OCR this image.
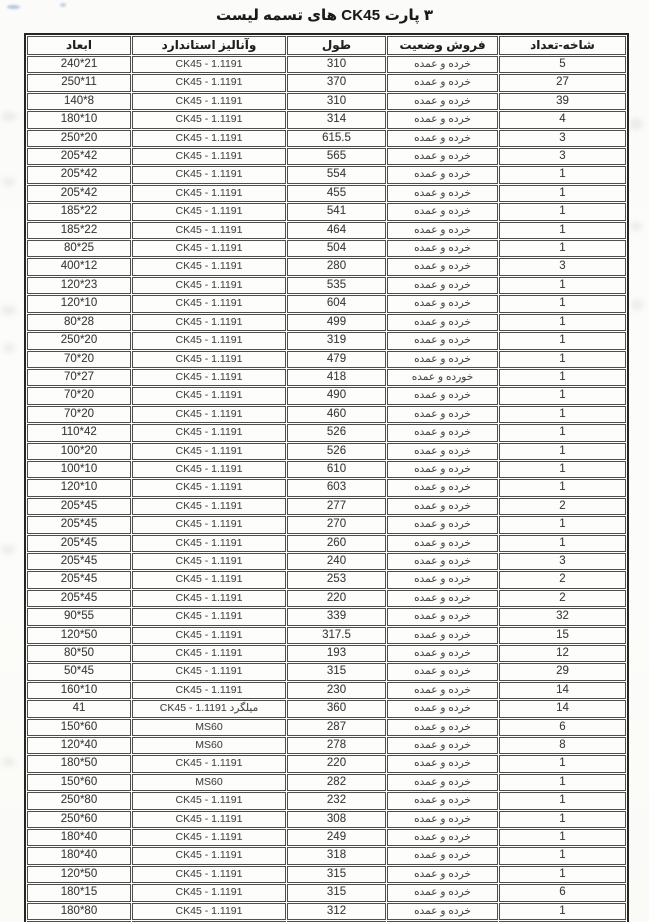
لیست تسمه های CK45 پارت ۳
ابعاد	استاندارد وآنالیز	طول	وضعیت فروش	تعداد-شاخه
240*21	CK45 - 1.1191	310	عمده و خرده	5
250*11	CK45 - 1.1191	370	عمده و خرده	27
140*8	CK45 - 1.1191	310	عمده و خرده	39
180*10	CK45 - 1.1191	314	عمده و خرده	4
250*20	CK45 - 1.1191	615.5	عمده و خرده	3
205*42	CK45 - 1.1191	565	عمده و خرده	3
205*42	CK45 - 1.1191	554	عمده و خرده	1
205*42	CK45 - 1.1191	455	عمده و خرده	1
185*22	CK45 - 1.1191	541	عمده و خرده	1
185*22	CK45 - 1.1191	464	عمده و خرده	1
80*25	CK45 - 1.1191	504	عمده و خرده	1
400*12	CK45 - 1.1191	280	عمده و خرده	3
120*23	CK45 - 1.1191	535	عمده و خرده	1
120*10	CK45 - 1.1191	604	عمده و خرده	1
80*28	CK45 - 1.1191	499	عمده و خرده	1
250*20	CK45 - 1.1191	319	عمده و خرده	1
70*20	CK45 - 1.1191	479	عمده و خرده	1
70*27	CK45 - 1.1191	418	عمده و خورده	1
70*20	CK45 - 1.1191	490	عمده و خرده	1
70*20	CK45 - 1.1191	460	عمده و خرده	1
110*42	CK45 - 1.1191	526	عمده و خرده	1
100*20	CK45 - 1.1191	526	عمده و خرده	1
100*10	CK45 - 1.1191	610	عمده و خرده	1
120*10	CK45 - 1.1191	603	عمده و خرده	1
205*45	CK45 - 1.1191	277	عمده و خرده	2
205*45	CK45 - 1.1191	270	عمده و خرده	1
205*45	CK45 - 1.1191	260	عمده و خرده	1
205*45	CK45 - 1.1191	240	عمده و خرده	3
205*45	CK45 - 1.1191	253	عمده و خرده	2
205*45	CK45 - 1.1191	220	عمده و خرده	2
90*55	CK45 - 1.1191	339	عمده و خرده	32
120*50	CK45 - 1.1191	317.5	عمده و خرده	15
80*50	CK45 - 1.1191	193	عمده و خرده	12
50*45	CK45 - 1.1191	315	عمده و خرده	29
160*10	CK45 - 1.1191	230	عمده و خرده	14
41	CK45 - 1.1191 میلگرد	360	عمده و خرده	14
150*60	MS60	287	عمده و خرده	6
120*40	MS60	278	عمده و خرده	8
180*50	CK45 - 1.1191	220	عمده و خرده	1
150*60	MS60	282	عمده و خرده	1
250*80	CK45 - 1.1191	232	عمده و خرده	1
250*60	CK45 - 1.1191	308	عمده و خرده	1
180*40	CK45 - 1.1191	249	عمده و خرده	1
180*40	CK45 - 1.1191	318	عمده و خرده	1
120*50	CK45 - 1.1191	315	عمده و خرده	1
180*15	CK45 - 1.1191	315	عمده و خرده	6
180*80	CK45 - 1.1191	312	عمده و خرده	1
